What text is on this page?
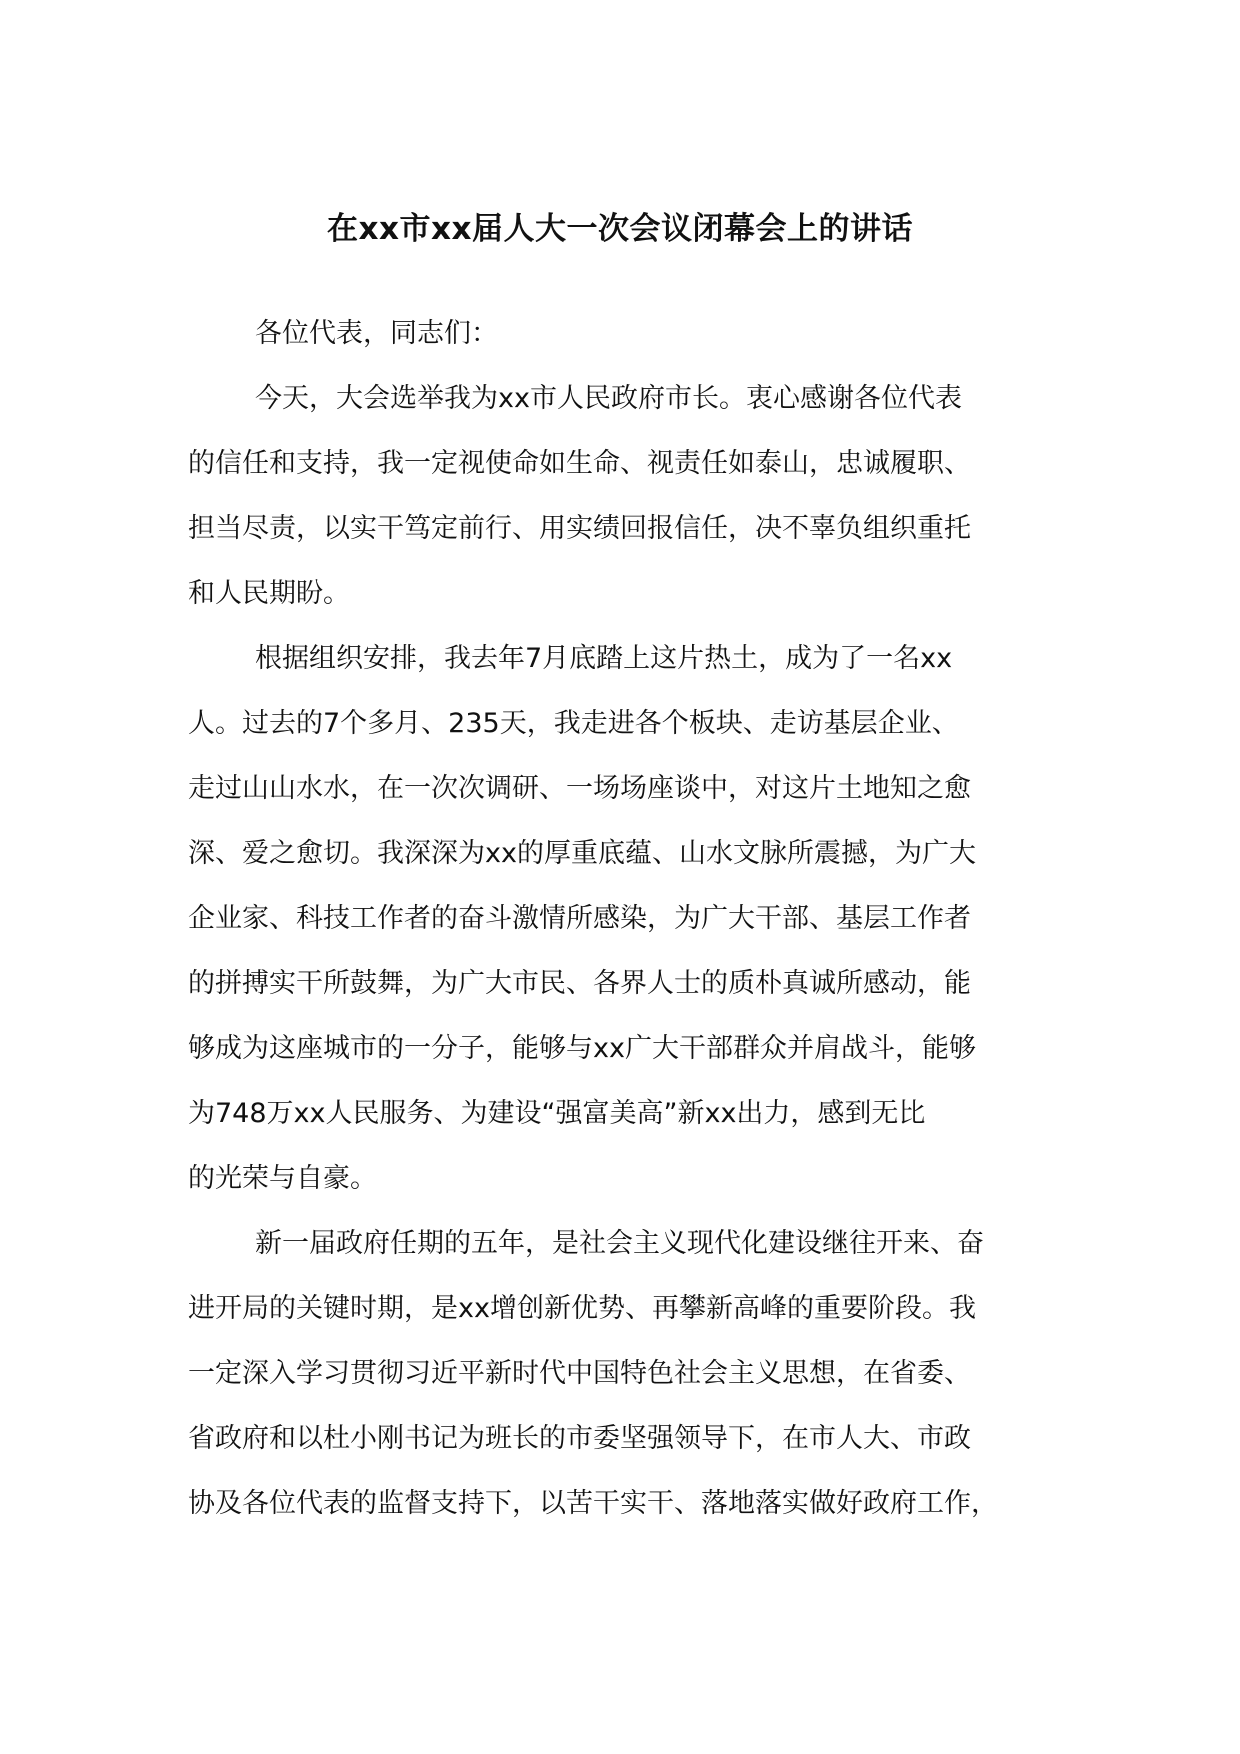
在xx市xx届人大一次会议闭幕会上的讲话
各位代表，同志们：
今天，大会选举我为xx市人民政府市长。衷心感谢各位代表
的信任和支持，我一定视使命如生命、视责任如泰山，忠诚履职、
担当尽责，以实干笃定前行、用实绩回报信任，决不辜负组织重托
和人民期盼。
根据组织安排，我去年7月底踏上这片热土，成为了一名xx
人。过去的7个多月、235天，我走进各个板块、走访基层企业、
走过山山水水，在一次次调研、一场场座谈中，对这片土地知之愈
深、爱之愈切。我深深为xx的厚重底蕴、山水文脉所震撼，为广大
企业家、科技工作者的奋斗激情所感染，为广大干部、基层工作者
的拼搏实干所鼓舞，为广大市民、各界人士的质朴真诚所感动，能
够成为这座城市的一分子，能够与xx广大干部群众并肩战斗，能够
为748万xx人民服务、为建设“强富美高”新xx出力，感到无比
的光荣与自豪。
新一届政府任期的五年，是社会主义现代化建设继往开来、奋
进开局的关键时期，是xx增创新优势、再攀新高峰的重要阶段。我
一定深入学习贯彻习近平新时代中国特色社会主义思想，在省委、
省政府和以杜小刚书记为班长的市委坚强领导下，在市人大、市政
协及各位代表的监督支持下，以苦干实干、落地落实做好政府工作，
